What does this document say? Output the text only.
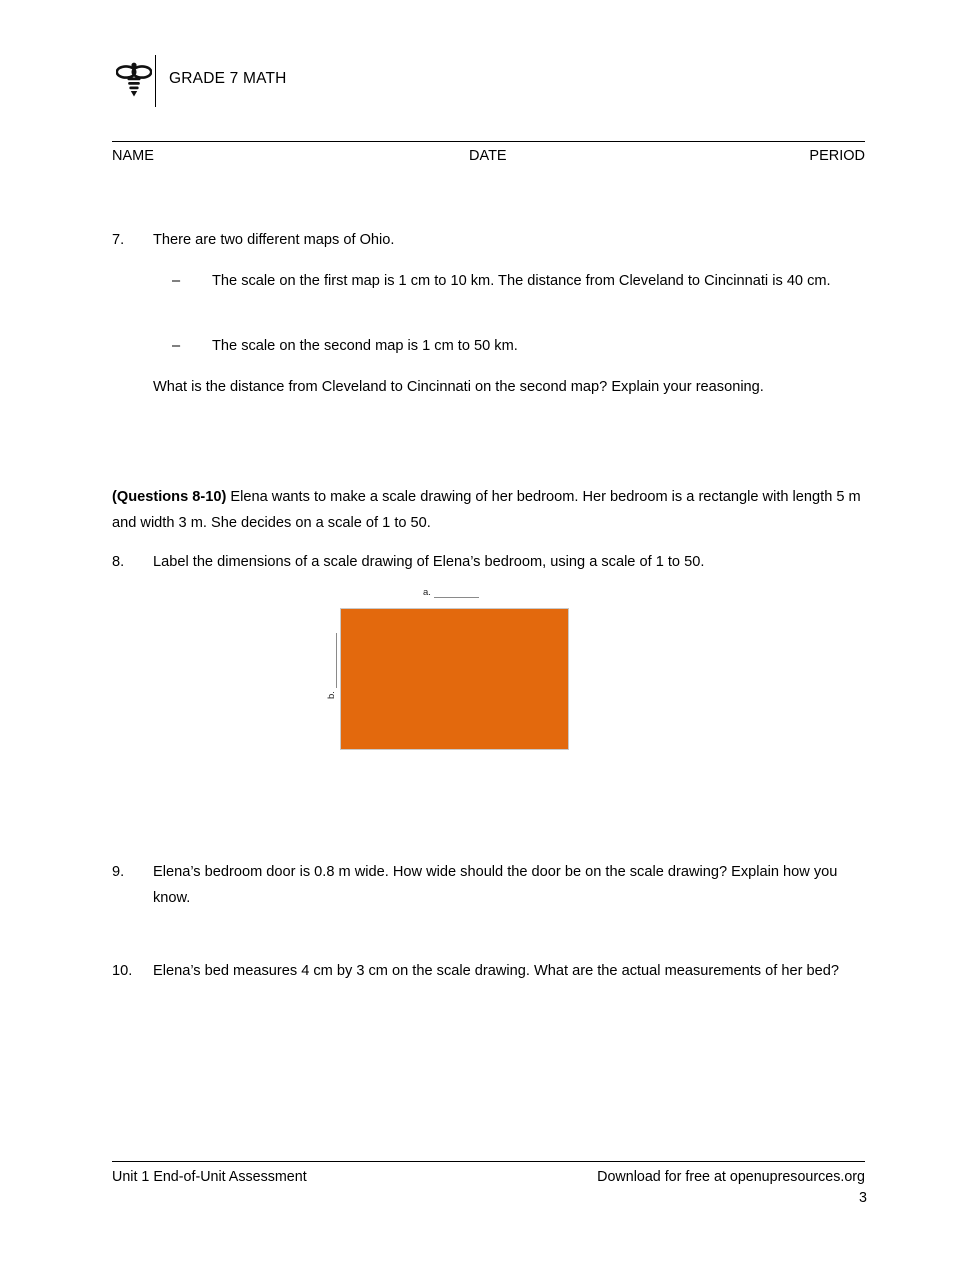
GRADE 7 MATH
NAME	DATE	PERIOD
7.	There are two different maps of Ohio.
–	The scale on the first map is 1 cm to 10 km. The distance from Cleveland to Cincinnati is 40 cm.
–	The scale on the second map is 1 cm to 50 km.
What is the distance from Cleveland to Cincinnati on the second map? Explain your reasoning.
(Questions 8-10) Elena wants to make a scale drawing of her bedroom. Her bedroom is a rectangle with length 5 m and width 3 m. She decides on a scale of 1 to 50.
8.	Label the dimensions of a scale drawing of Elena’s bedroom, using a scale of 1 to 50.
a.
b.
9.	Elena’s bedroom door is 0.8 m wide. How wide should the door be on the scale drawing? Explain how you know.
10.	Elena’s bed measures 4 cm by 3 cm on the scale drawing. What are the actual measurements of her bed?
Unit 1 End-of-Unit Assessment	Download for free at openupresources.org
3
